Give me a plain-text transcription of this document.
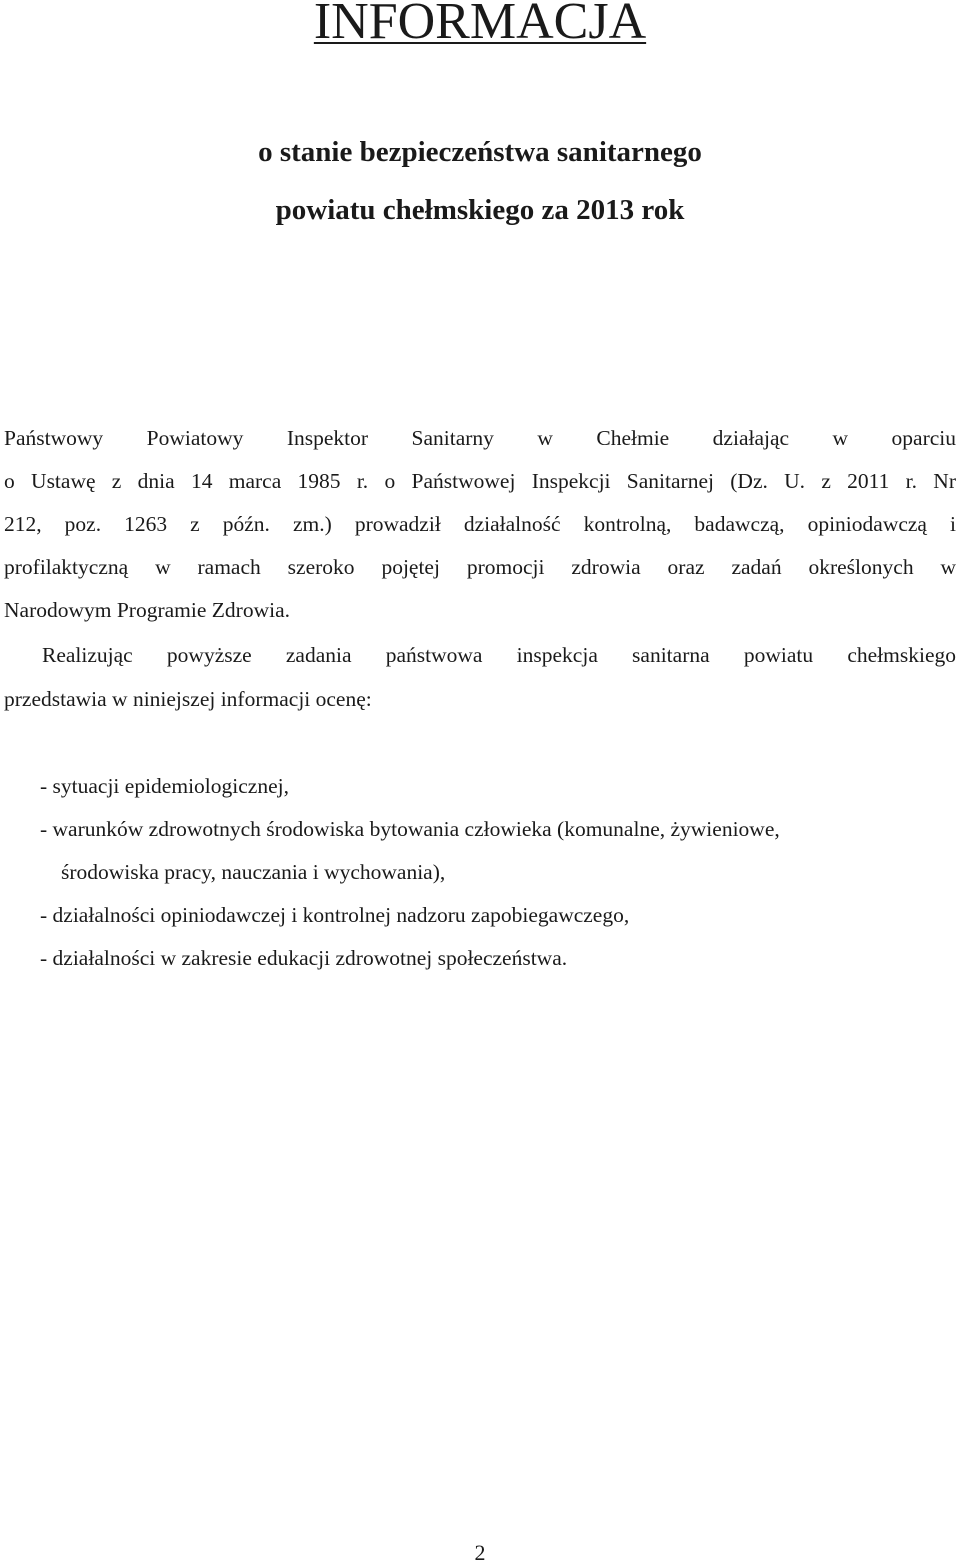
INFORMACJA
o stanie bezpieczeństwa sanitarnego
powiatu chełmskiego za 2013 rok
Państwowy Powiatowy Inspektor Sanitarny w Chełmie działając w oparciu
o Ustawę z dnia 14 marca 1985 r. o Państwowej Inspekcji Sanitarnej (Dz. U. z 2011 r. Nr
212, poz. 1263 z późn. zm.) prowadził działalność kontrolną, badawczą, opiniodawczą i
profilaktyczną w ramach szeroko pojętej promocji zdrowia oraz zadań określonych w
Narodowym Programie Zdrowia.
Realizując powyższe zadania państwowa inspekcja sanitarna powiatu chełmskiego
przedstawia w niniejszej informacji ocenę:
- sytuacji epidemiologicznej,
- warunków zdrowotnych środowiska bytowania człowieka (komunalne, żywieniowe,
środowiska pracy, nauczania i wychowania),
- działalności opiniodawczej i kontrolnej nadzoru zapobiegawczego,
- działalności w zakresie edukacji zdrowotnej społeczeństwa.
2
